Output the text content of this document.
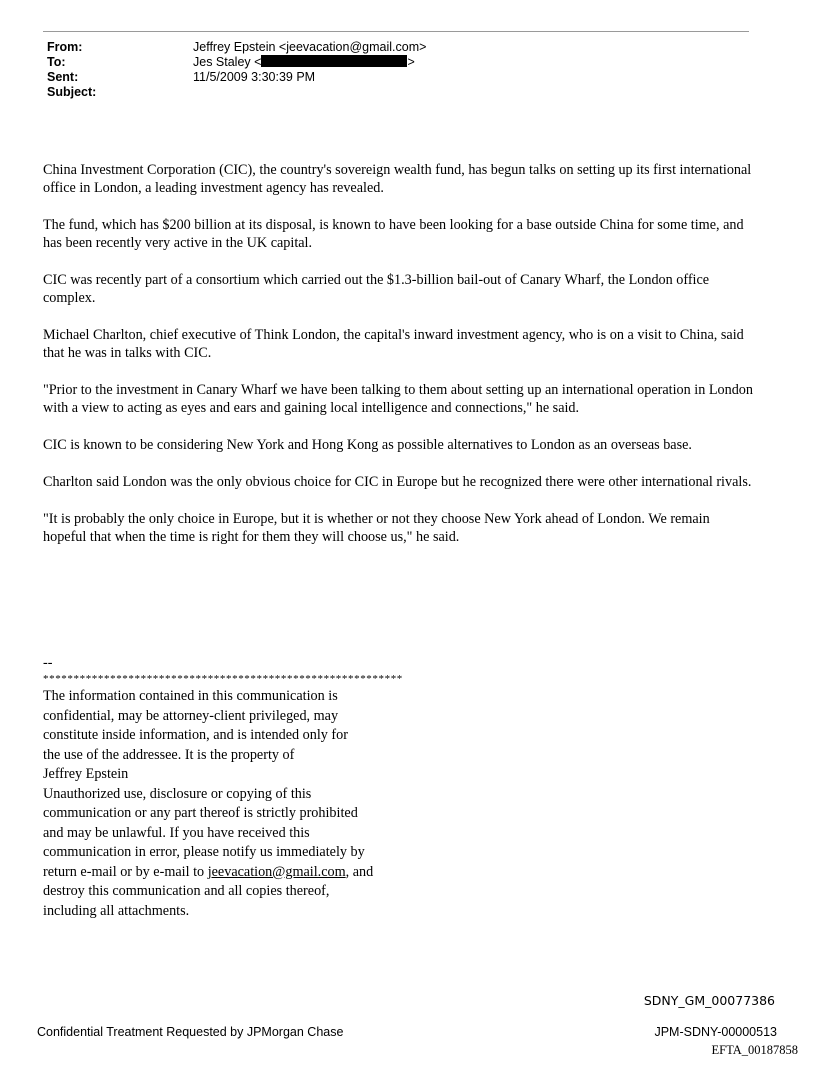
From:	Jeffrey Epstein <jeevacation@gmail.com>
To:	Jes Staley <	>
Sent:	11/5/2009 3:30:39 PM
Subject:

China Investment Corporation (CIC), the country's sovereign wealth fund, has begun talks on setting up its first international office in London, a leading investment agency has revealed.

The fund, which has $200 billion at its disposal, is known to have been looking for a base outside China for some time, and has been recently very active in the UK capital.

CIC was recently part of a consortium which carried out the $1.3-billion bail-out of Canary Wharf, the London office complex.

Michael Charlton, chief executive of Think London, the capital's inward investment agency, who is on a visit to China, said that he was in talks with CIC.

"Prior to the investment in Canary Wharf we have been talking to them about setting up an international operation in London with a view to acting as eyes and ears and gaining local intelligence and connections," he said.

CIC is known to be considering New York and Hong Kong as possible alternatives to London as an overseas base.

Charlton said London was the only obvious choice for CIC in Europe but he recognized there were other international rivals.

"It is probably the only choice in Europe, but it is whether or not they choose New York ahead of London. We remain hopeful that when the time is right for them they will choose us," he said.

--
***********************************************************
The information contained in this communication is
confidential, may be attorney-client privileged, may
constitute inside information, and is intended only for
the use of the addressee. It is the property of
Jeffrey Epstein
Unauthorized use, disclosure or copying of this
communication or any part thereof is strictly prohibited
and may be unlawful. If you have received this
communication in error, please notify us immediately by
return e-mail or by e-mail to jeevacation@gmail.com, and
destroy this communication and all copies thereof,
including all attachments.
SDNY_GM_00077386
Confidential Treatment Requested by JPMorgan Chase	JPM-SDNY-00000513
EFTA_00187858
